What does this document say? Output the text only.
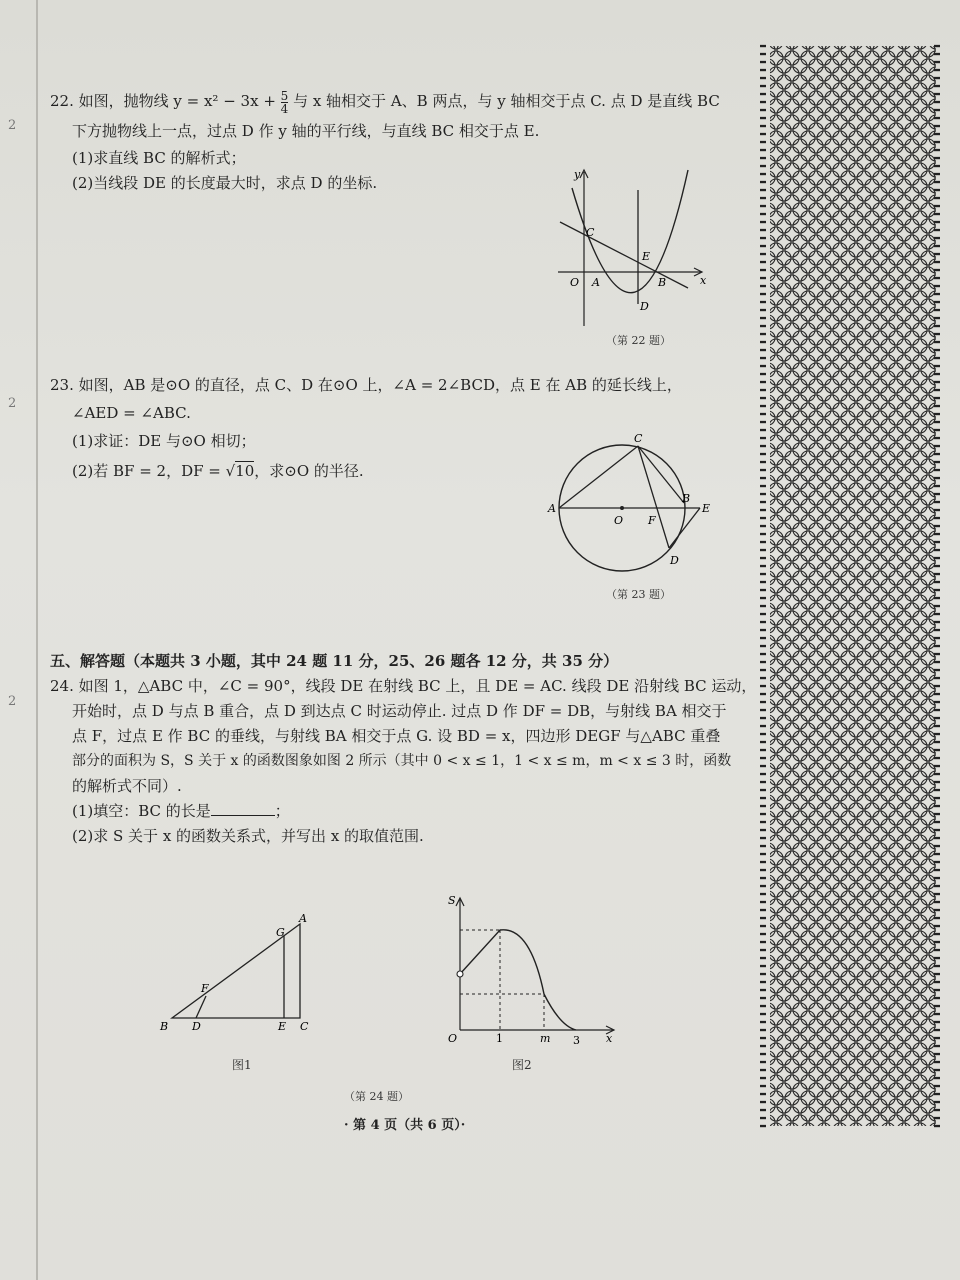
2
2
2
22. 如图，抛物线 $y = x^2 - 3x + \frac{5}{4}$ 与 x 轴相交于 A、B 两点，与 y 轴相交于点 C. 点 D 是直线 BC
下方抛物线上一点，过点 D 作 y 轴的平行线，与直线 BC 相交于点 E.
(1)求直线 BC 的解析式；
(2)当线段 DE 的长度最大时，求点 D 的坐标.	y
x
C
E
O A	B
D
（第 22 题）
23. 如图，AB 是⊙O 的直径，点 C、D 在⊙O 上，∠A = 2∠BCD，点 E 在 AB 的延长线上，
∠AED = ∠ABC.
(1)求证：DE 与⊙O 相切；
(2)若 BF = 2，DF = √10，求⊙O 的半径.
A
O F
B
E
C
D
（第 23 题）
五、解答题（本题共 3 小题，其中 24 题 11 分，25、26 题各 12 分，共 35 分）
24. 如图 1，△ABC 中，∠C = 90°，线段 DE 在射线 BC 上，且 DE = AC. 线段 DE 沿射线 BC 运动，
开始时，点 D 与点 B 重合，点 D 到达点 C 时运动停止. 过点 D 作 DF = DB，与射线 BA 相交于
点 F，过点 E 作 BC 的垂线，与射线 BA 相交于点 G. 设 BD = x，四边形 DEGF 与△ABC 重叠
部分的面积为 S，S 关于 x 的函数图象如图 2 所示（其中 0 < x ≤ 1，1 < x ≤ m，m < x ≤ 3 时，函数
的解析式不同）.
(1)填空：BC 的长是	；
(2)求 S 关于 x 的函数关系式，并写出 x 的取值范围.
A
G
F
B D	E C
图1
S
O	1	m 3 x
图2
（第 24 题）
· 第 4 页（共 6 页）·
